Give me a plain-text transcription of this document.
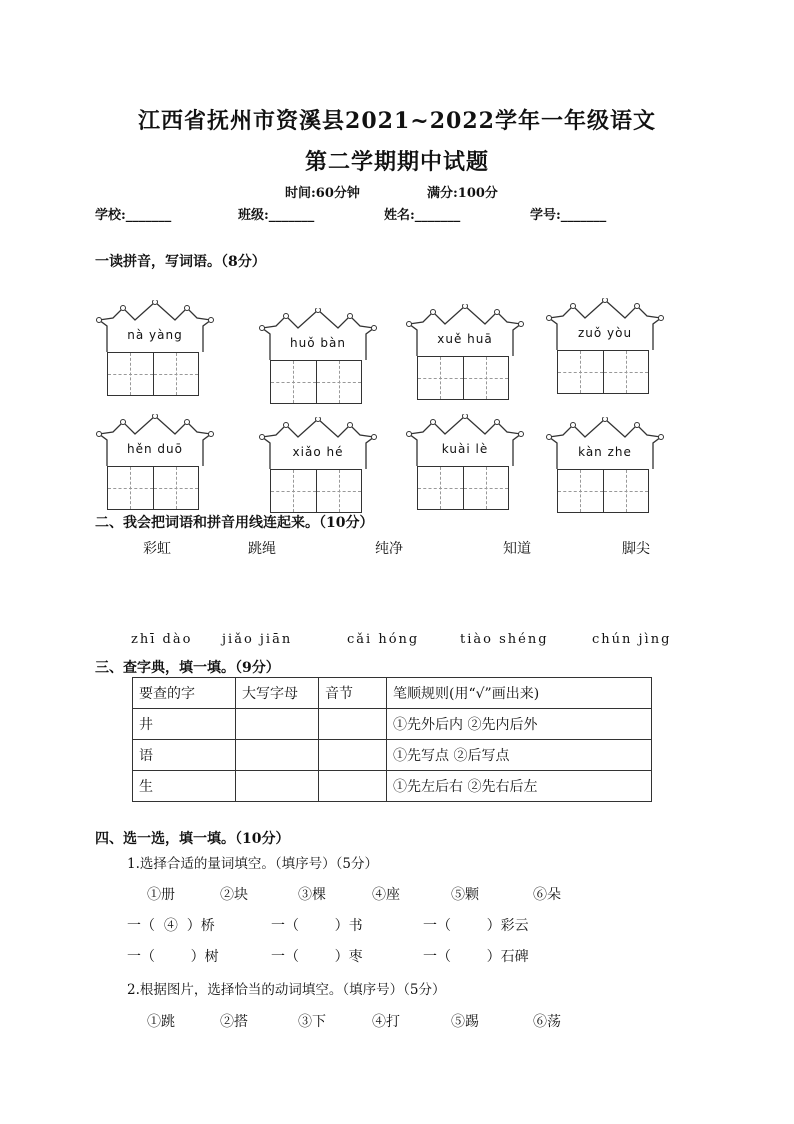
江西省抚州市资溪县2021~2022学年一年级语文
第二学期期中试题
时间:60分钟	满分:100分
学校:_______	班级:_______	姓名:_______	学号:_______
一读拼音，写词语。（8分）
nà yàng
huǒ bàn	xuě huā	zuǒ yòu
hěn duō	xiǎo hé	kuài lè	kàn zhe
二、我会把词语和拼音用线连起来。（10分）
彩虹	跳绳	纯净	知道	脚尖
zhī dào jiǎo jiān	cǎi hóng	tiào shéng	chún jìng
三、查字典，填一填。（9分）
要查的字	大写字母	音节	笔顺规则(用“√”画出来)
井			①先外后内 ②先内后外
语			①先写点 ②后写点
生			①先左后右 ②先右后左
四、选一选，填一填。（10分）
1.选择合适的量词填空。（填序号）（5分）
①册	②块	③棵	④座	⑤颗	⑥朵
一（  ④  ）桥	一（        ）书	一（        ）彩云
一（        ）树	一（        ）枣	一（        ）石碑
2.根据图片，选择恰当的动词填空。（填序号）（5分）
①跳	②搭	③下	④打	⑤踢	⑥荡
